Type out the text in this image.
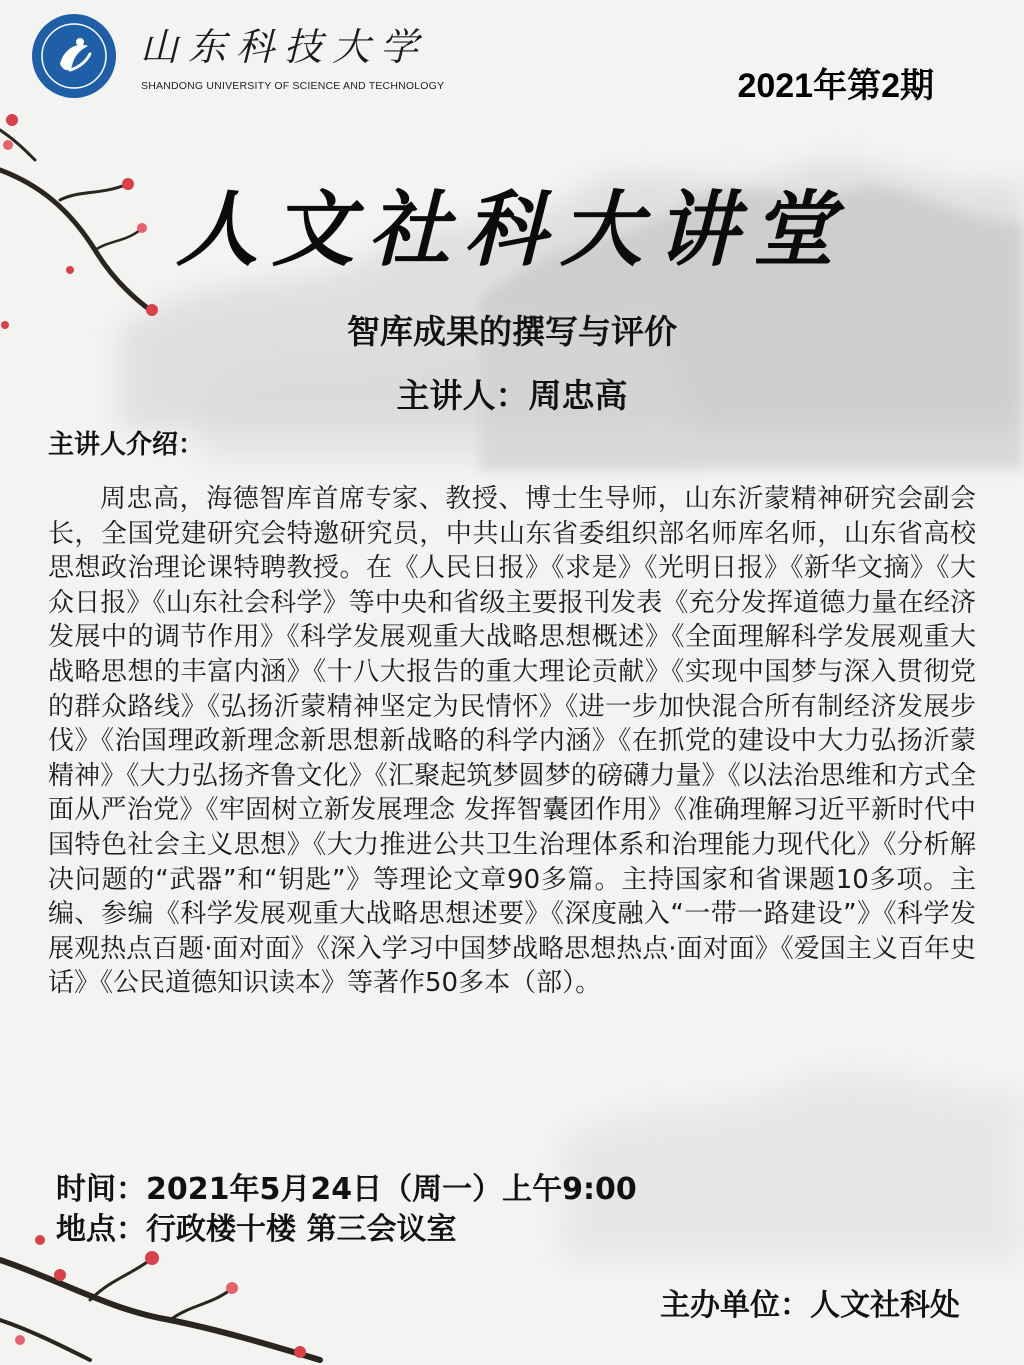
山东科技大学
SHANDONG UNIVERSITY OF SCIENCE AND TECHNOLOGY	2021年第2期
人文社科大讲堂
智库成果的撰写与评价
主讲人：周忠高
主讲人介绍：

周忠高，海德智库首席专家、教授、博士生导师，山东沂蒙精神研究会副会长，全国党建研究会特邀研究员，中共山东省委组织部名师库名师，山东省高校思想政治理论课特聘教授。在《人民日报》《求是》《光明日报》《新华文摘》《大众日报》《山东社会科学》等中央和省级主要报刊发表《充分发挥道德力量在经济发展中的调节作用》《科学发展观重大战略思想概述》《全面理解科学发展观重大战略思想的丰富内涵》《十八大报告的重大理论贡献》《实现中国梦与深入贯彻党的群众路线》《弘扬沂蒙精神坚定为民情怀》《进一步加快混合所有制经济发展步伐》《治国理政新理念新思想新战略的科学内涵》《在抓党的建设中大力弘扬沂蒙精神》《大力弘扬齐鲁文化》《汇聚起筑梦圆梦的磅礴力量》《以法治思维和方式全面从严治党》《牢固树立新发展理念 发挥智囊团作用》《准确理解习近平新时代中国特色社会主义思想》《大力推进公共卫生治理体系和治理能力现代化》《分析解决问题的“武器”和“钥匙”》等理论文章90多篇。主持国家和省课题10多项。主编、参编《科学发展观重大战略思想述要》《深度融入“一带一路建设”》《科学发展观热点百题·面对面》《深入学习中国梦战略思想热点·面对面》《爱国主义百年史话》《公民道德知识读本》等著作50多本（部）。

时间：2021年5月24日（周一）上午9:00
地点：行政楼十楼 第三会议室
主办单位：人文社科处
